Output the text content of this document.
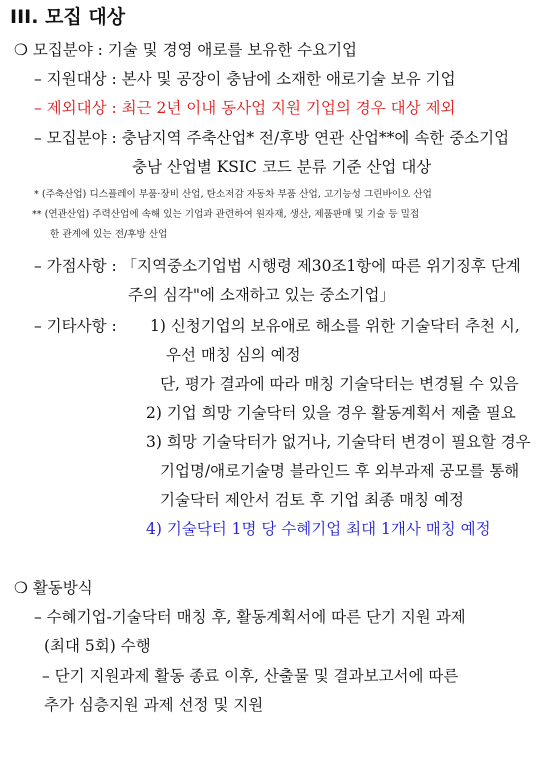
III. 모집 대상
❍ 모집분야 : 기술 및 경영 애로를 보유한 수요기업
– 지원대상 : 본사 및 공장이 충남에 소재한 애로기술 보유 기업
– 제외대상 : 최근 2년 이내 동사업 지원 기업의 경우 대상 제외
– 모집분야 : 충남지역 주축산업* 전/후방 연관 산업**에 속한 중소기업
충남 산업별 KSIC 코드 분류 기준 산업 대상
* (주축산업) 디스플레이 부품·장비 산업, 탄소저감 자동차 부품 산업, 고기능성 그린바이오 산업
** (연관산업) 주력산업에 속해 있는 기업과 관련하여 원자재, 생산, 제품판매 및 기술 등 밀접
한 관계에 있는 전/후방 산업
– 가점사항 : 「지역중소기업법 시행령 제30조1항에 따른 위기징후 단계
주의 심각"에 소재하고 있는 중소기업」
– 기타사항 : 1) 신청기업의 보유애로 해소를 위한 기술닥터 추천 시,
우선 매칭 심의 예정
단, 평가 결과에 따라 매칭 기술닥터는 변경될 수 있음
2) 기업 희망 기술닥터 있을 경우 활동계획서 제출 필요
3) 희망 기술닥터가 없거나, 기술닥터 변경이 필요할 경우
기업명/애로기술명 블라인드 후 외부과제 공모를 통해
기술닥터 제안서 검토 후 기업 최종 매칭 예정
4) 기술닥터 1명 당 수혜기업 최대 1개사 매칭 예정
❍ 활동방식
– 수혜기업-기술닥터 매칭 후, 활동계획서에 따른 단기 지원 과제
(최대 5회) 수행
– 단기 지원과제 활동 종료 이후, 산출물 및 결과보고서에 따른
추가 심층지원 과제 선정 및 지원
